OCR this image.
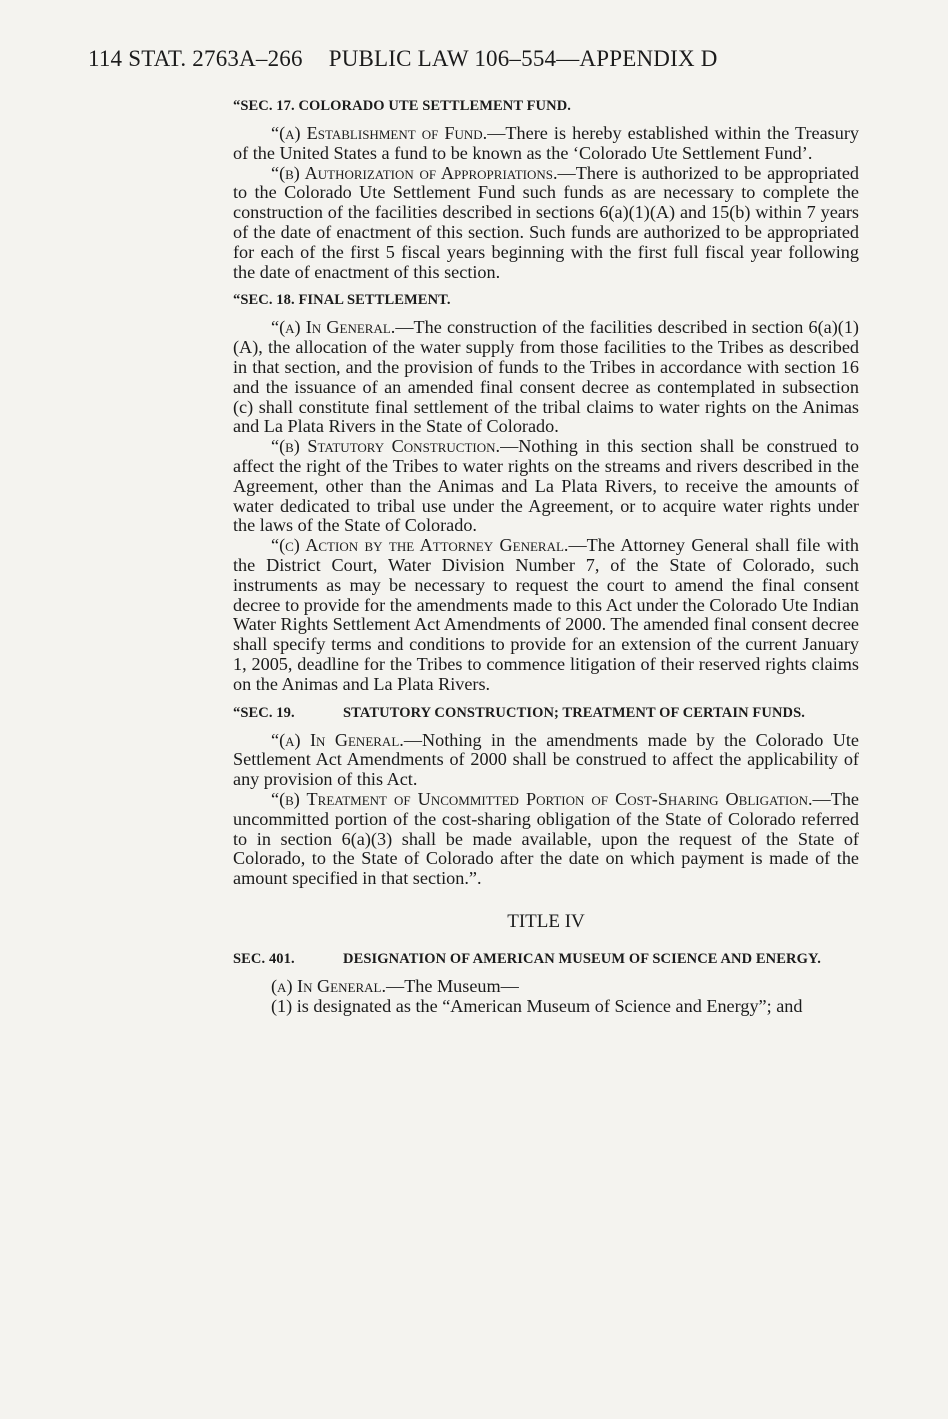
114 STAT. 2763A–266 PUBLIC LAW 106–554—APPENDIX D
“SEC. 17. COLORADO UTE SETTLEMENT FUND.

“(a) Establishment of Fund.—There is hereby established within the Treasury of the United States a fund to be known as the ‘Colorado Ute Settlement Fund’.

“(b) Authorization of Appropriations.—There is authorized to be appropriated to the Colorado Ute Settlement Fund such funds as are necessary to complete the construction of the facilities described in sections 6(a)(1)(A) and 15(b) within 7 years of the date of enactment of this section. Such funds are authorized to be appropriated for each of the first 5 fiscal years beginning with the first full fiscal year following the date of enactment of this section.

“SEC. 18. FINAL SETTLEMENT.

“(a) In General.—The construction of the facilities described in section 6(a)(1)(A), the allocation of the water supply from those facilities to the Tribes as described in that section, and the provision of funds to the Tribes in accordance with section 16 and the issuance of an amended final consent decree as contemplated in subsection (c) shall constitute final settlement of the tribal claims to water rights on the Animas and La Plata Rivers in the State of Colorado.

“(b) Statutory Construction.—Nothing in this section shall be construed to affect the right of the Tribes to water rights on the streams and rivers described in the Agreement, other than the Animas and La Plata Rivers, to receive the amounts of water dedicated to tribal use under the Agreement, or to acquire water rights under the laws of the State of Colorado.

“(c) Action by the Attorney General.—The Attorney General shall file with the District Court, Water Division Number 7, of the State of Colorado, such instruments as may be necessary to request the court to amend the final consent decree to provide for the amendments made to this Act under the Colorado Ute Indian Water Rights Settlement Act Amendments of 2000. The amended final consent decree shall specify terms and conditions to provide for an extension of the current January 1, 2005, deadline for the Tribes to commence litigation of their reserved rights claims on the Animas and La Plata Rivers.

“SEC. 19.	STATUTORY CONSTRUCTION; TREATMENT OF CERTAIN FUNDS.

“(a) In General.—Nothing in the amendments made by the Colorado Ute Settlement Act Amendments of 2000 shall be construed to affect the applicability of any provision of this Act.

“(b) Treatment of Uncommitted Portion of Cost-Sharing Obligation.—The uncommitted portion of the cost-sharing obligation of the State of Colorado referred to in section 6(a)(3) shall be made available, upon the request of the State of Colorado, to the State of Colorado after the date on which payment is made of the amount specified in that section.”.

TITLE IV
SEC. 401.	DESIGNATION OF AMERICAN MUSEUM OF SCIENCE AND ENERGY.

(a) In General.—The Museum—

(1) is designated as the “American Museum of Science and Energy”; and
